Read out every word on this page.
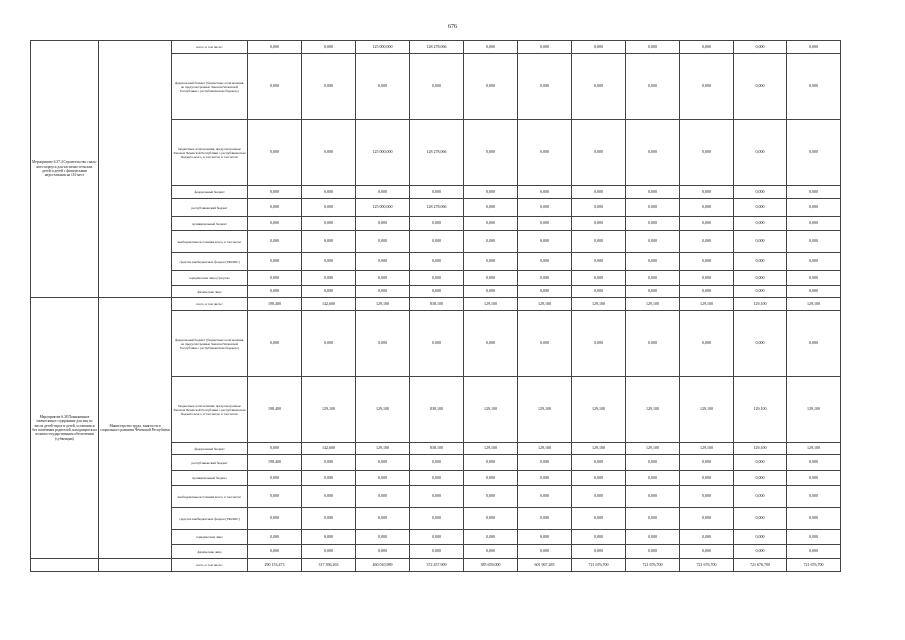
676
Мероприятие 6.37.4 Строительство спаль-ного корпуса для частично-сельских детей и детей с физическими недостатками на 110 мест		всего, в том числе:	0,000	0,000	125 000,000	128 278,066	0,000	0,000	0,000	0,000	0,000	0,000	0,000
		федеральный бюджет (бюджетные ассигнования, не предусмотренные Законом Чеченской Республики о республиканском бюджете)	0,000	0,000	0,000	0,000	0,000	0,000	0,000	0,000	0,000	0,000	0,000
		бюджетные ассигнования, предусмотренные Законом Чеченской Республики о республиканском бюджете-всего, в том числе: в том числе:	0,000	0,000	125 000,000	128 278,066	0,000	0,000	0,000	0,000	0,000	0,000	0,000
		федеральный бюджет	0,000	0,000	0,000	0,000	0,000	0,000	0,000	0,000	0,000	0,000	0,000
		республиканский бюджет	0,000	0,000	125 000,000	128 278,066	0,000	0,000	0,000	0,000	0,000	0,000	0,000
		муниципальный бюджет	0,000	0,000	0,000	0,000	0,000	0,000	0,000	0,000	0,000	0,000	0,000
		внебюджетные источники всего, в том числе:	0,000	0,000	0,000	0,000	0,000	0,000	0,000	0,000	0,000	0,000	0,000
		средства внебюджетных фондов (ТФОМС)	0,000	0,000	0,000	0,000	0,000	0,000	0,000	0,000	0,000	0,000	0,000
		юридические лица (средства	0,000	0,000	0,000	0,000	0,000	0,000	0,000	0,000	0,000	0,000	0,000
		физические лица	0,000	0,000	0,000	0,000	0,000	0,000	0,000	0,000	0,000	0,000	0,000
Мероприятие 6.38 Пожизненное ежемесячное содержание для лиц из числа детей-сирот и детей, оставшихся без попечения родителей, находящихся на полном государственном обеспечении (субвенции)	Министерство труда, занятости и социального развития Чеченской Республики	всего, в том числе:	198,400	142,600	129,100	838,100	129,100	129,100	129,100	129,100	129,100	129,100	129,100
		федеральный бюджет (бюджетные ассигнования, не предусмотренные Законом Чеченской Республики о республиканском бюджете)	0,000	0,000	0,000	0,000	0,000	0,000	0,000	0,000	0,000	0,000	0,000
		бюджетные ассигнования, предусмотренные Законом Чеченской Республики о республиканском бюджете-всего, в том числе: в том числе:	198,400	129,100	129,100	838,100	129,100	129,100	129,100	129,100	129,100	129,100	129,100
		федеральный бюджет	0,000	142,600	129,100	838,100	129,100	129,100	129,100	129,100	129,100	129,100	129,100
		республиканский бюджет	198,400	0,000	0,000	0,000	0,000	0,000	0,000	0,000	0,000	0,000	0,000
		муниципальный бюджет	0,000	0,000	0,000	0,000	0,000	0,000	0,000	0,000	0,000	0,000	0,000
		внебюджетные источники всего, в том числе:	0,000	0,000	0,000	0,000	0,000	0,000	0,000	0,000	0,000	0,000	0,000
		средства внебюджетных фондов (ТФОМС)	0,000	0,000	0,000	0,000	0,000	0,000	0,000	0,000	0,000	0,000	0,000
		юридические лица	0,000	0,000	0,000	0,000	0,000	0,000	0,000	0,000	0,000	0,000	0,000
		физические лица	0,000	0,000	0,000	0,000	0,000	0,000	0,000	0,000	0,000	0,000	0,000
		всего, в том числе:	290 153,473	317 396,263	460 010,989	372 457,909	385 659,000	601 967,283	721 676,700	721 676,700	721 676,700	721 676,700	721 676,700
